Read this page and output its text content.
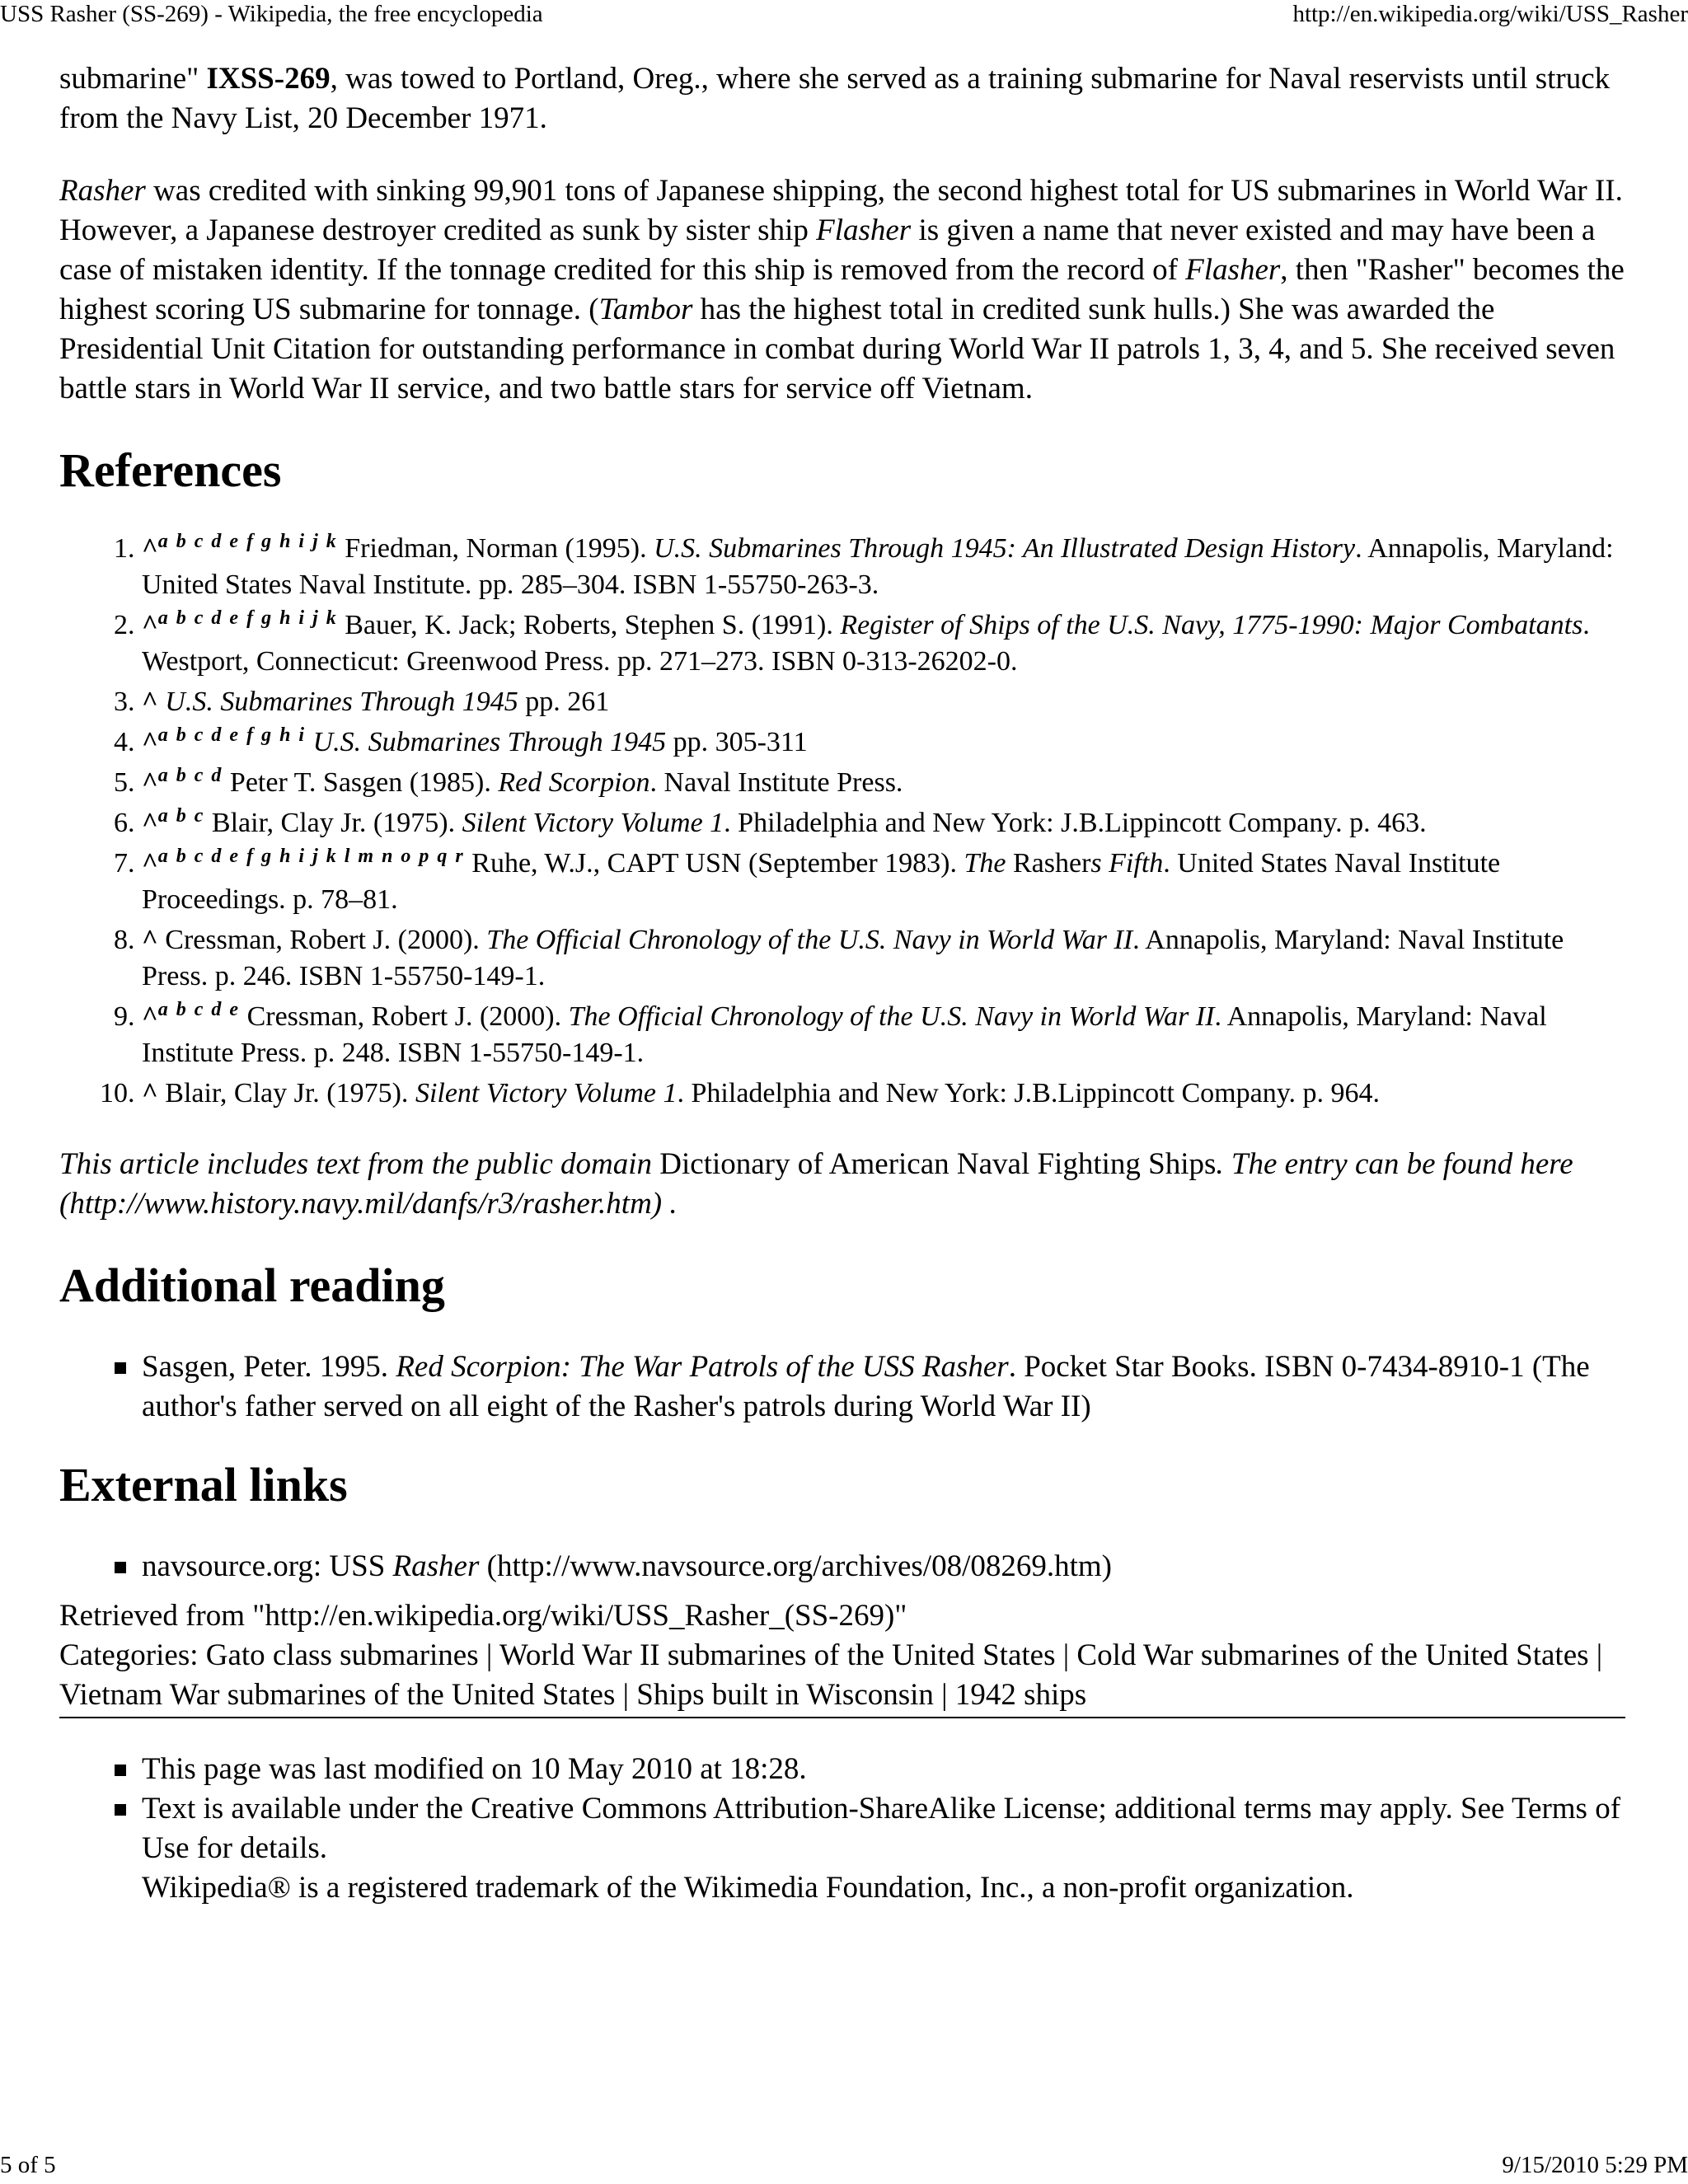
USS Rasher (SS-269) - Wikipedia, the free encyclopedia	http://en.wikipedia.org/wiki/USS_Rasher

submarine" IXSS-269, was towed to Portland, Oreg., where she served as a training submarine for Naval reservists until struck from the Navy List, 20 December 1971.

Rasher was credited with sinking 99,901 tons of Japanese shipping, the second highest total for US submarines in World War II. However, a Japanese destroyer credited as sunk by sister ship Flasher is given a name that never existed and may have been a case of mistaken identity. If the tonnage credited for this ship is removed from the record of Flasher, then "Rasher" becomes the highest scoring US submarine for tonnage. (Tambor has the highest total in credited sunk hulls.) She was awarded the Presidential Unit Citation for outstanding performance in combat during World War II patrols 1, 3, 4, and 5. She received seven battle stars in World War II service, and two battle stars for service off Vietnam.

References
1. ^$^{a b c d e f g h i j k}$ Friedman, Norman (1995). U.S. Submarines Through 1945: An Illustrated Design History. Annapolis, Maryland: United States Naval Institute. pp. 285–304. ISBN 1-55750-263-3.
2. ^$^{a b c d e f g h i j k}$ Bauer, K. Jack; Roberts, Stephen S. (1991). Register of Ships of the U.S. Navy, 1775-1990: Major Combatants. Westport, Connecticut: Greenwood Press. pp. 271–273. ISBN 0-313-26202-0.
3. ^ U.S. Submarines Through 1945 pp. 261
4. ^$^{a b c d e f g h i}$ U.S. Submarines Through 1945 pp. 305-311
5. ^$^{a b c d}$ Peter T. Sasgen (1985). Red Scorpion. Naval Institute Press.
6. ^$^{a b c}$ Blair, Clay Jr. (1975). Silent Victory Volume 1. Philadelphia and New York: J.B.Lippincott Company. p. 463.
7. ^$^{a b c d e f g h i j k l m n o p q r}$ Ruhe, W.J., CAPT USN (September 1983). The Rashers Fifth. United States Naval Institute Proceedings. p. 78–81.
8. ^ Cressman, Robert J. (2000). The Official Chronology of the U.S. Navy in World War II. Annapolis, Maryland: Naval Institute Press. p. 246. ISBN 1-55750-149-1.
9. ^$^{a b c d e}$ Cressman, Robert J. (2000). The Official Chronology of the U.S. Navy in World War II. Annapolis, Maryland: Naval Institute Press. p. 248. ISBN 1-55750-149-1.
10. ^ Blair, Clay Jr. (1975). Silent Victory Volume 1. Philadelphia and New York: J.B.Lippincott Company. p. 964.

This article includes text from the public domain Dictionary of American Naval Fighting Ships. The entry can be found here (http://www.history.navy.mil/danfs/r3/rasher.htm) .

Additional reading
Sasgen, Peter. 1995. Red Scorpion: The War Patrols of the USS Rasher. Pocket Star Books. ISBN 0-7434-8910-1 (The author's father served on all eight of the Rasher's patrols during World War II)
External links
navsource.org: USS Rasher (http://www.navsource.org/archives/08/08269.htm)
Retrieved from "http://en.wikipedia.org/wiki/USS_Rasher_(SS-269)"
Categories: Gato class submarines | World War II submarines of the United States | Cold War submarines of the United States | Vietnam War submarines of the United States | Ships built in Wisconsin | 1942 ships
This page was last modified on 10 May 2010 at 18:28.
Text is available under the Creative Commons Attribution-ShareAlike License; additional terms may apply. See Terms of Use for details.
Wikipedia® is a registered trademark of the Wikimedia Foundation, Inc., a non-profit organization.
5 of 5	9/15/2010 5:29 PM
